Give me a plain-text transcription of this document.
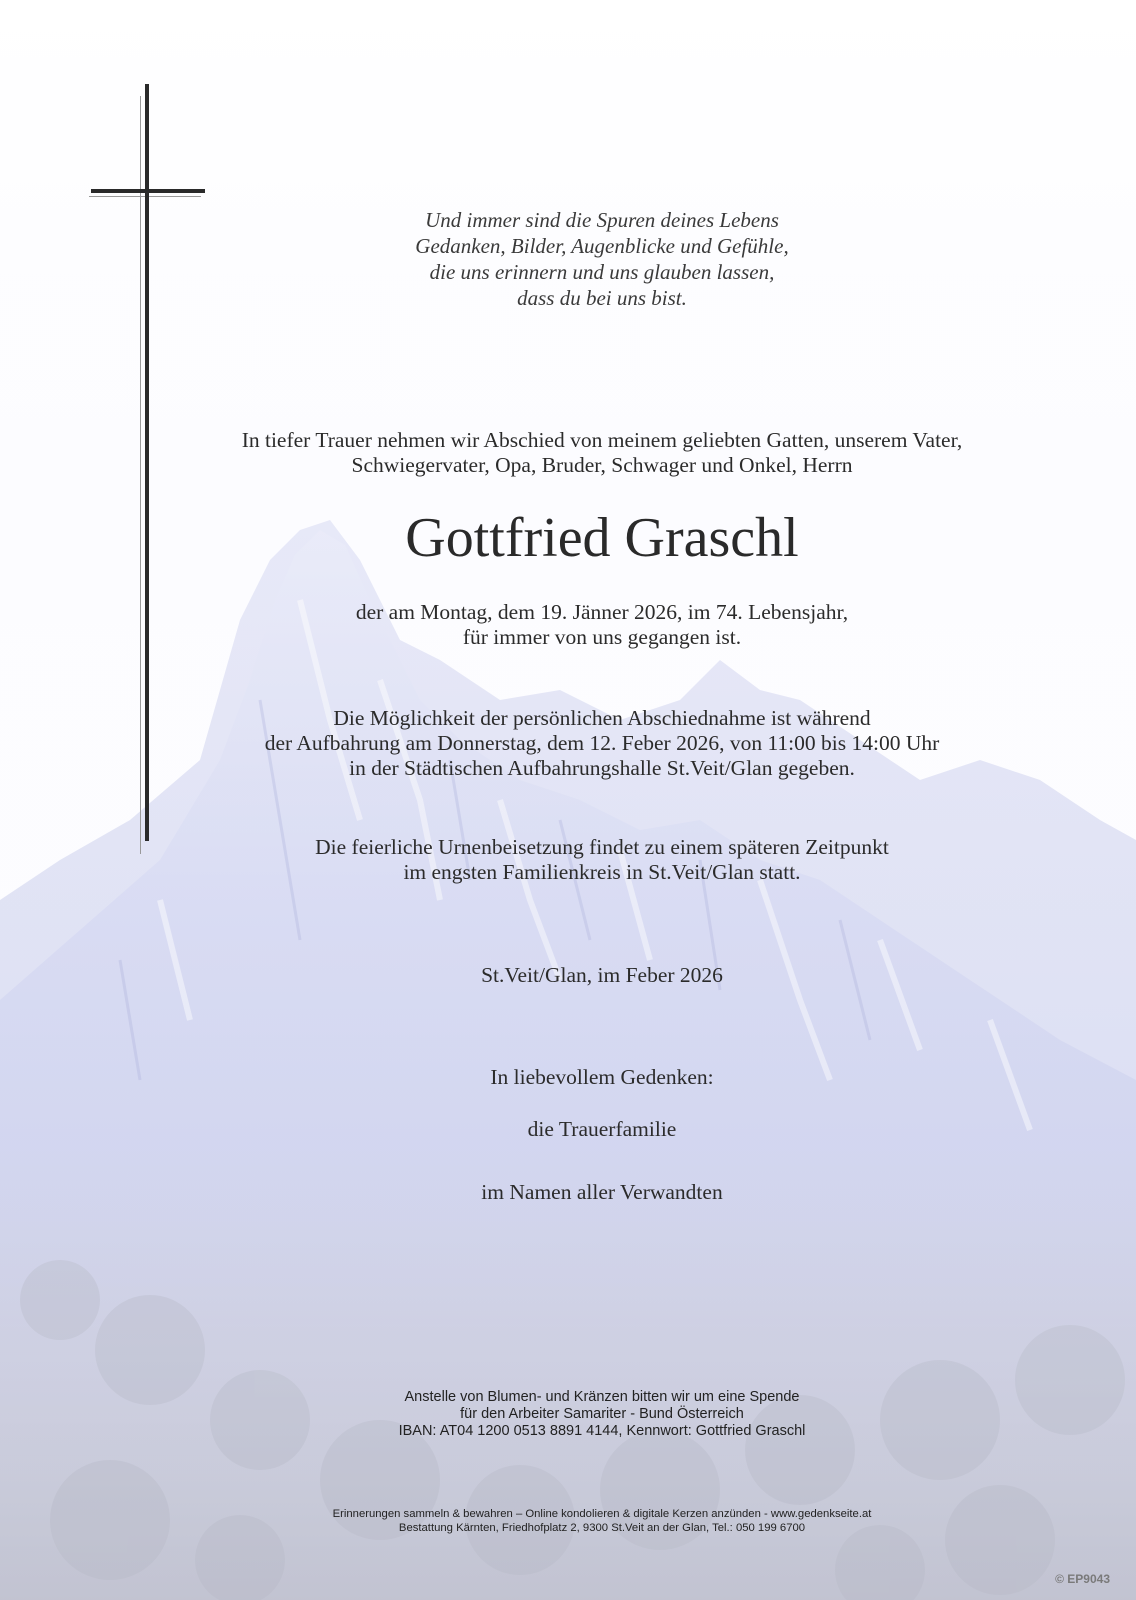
Und immer sind die Spuren deines Lebens
Gedanken, Bilder, Augenblicke und Gefühle,
die uns erinnern und uns glauben lassen,
dass du bei uns bist.
In tiefer Trauer nehmen wir Abschied von meinem geliebten Gatten, unserem Vater,
Schwiegervater, Opa, Bruder, Schwager und Onkel, Herrn
Gottfried Graschl
der am Montag, dem 19. Jänner 2026, im 74. Lebensjahr,
für immer von uns gegangen ist.
Die Möglichkeit der persönlichen Abschiednahme ist während
der Aufbahrung am Donnerstag, dem 12. Feber 2026, von 11:00 bis 14:00 Uhr
in der Städtischen Aufbahrungshalle St.Veit/Glan gegeben.
Die feierliche Urnenbeisetzung findet zu einem späteren Zeitpunkt
im engsten Familienkreis in St.Veit/Glan statt.
St.Veit/Glan, im Feber 2026
In liebevollem Gedenken:
die Trauerfamilie
im Namen aller Verwandten
Anstelle von Blumen- und Kränzen bitten wir um eine Spende
für den Arbeiter Samariter - Bund Österreich
IBAN: AT04 1200 0513 8891 4144, Kennwort: Gottfried Graschl
Erinnerungen sammeln & bewahren – Online kondolieren & digitale Kerzen anzünden - www.gedenkseite.at
Bestattung Kärnten, Friedhofplatz 2, 9300 St.Veit an der Glan, Tel.: 050 199 6700
© EP9043
